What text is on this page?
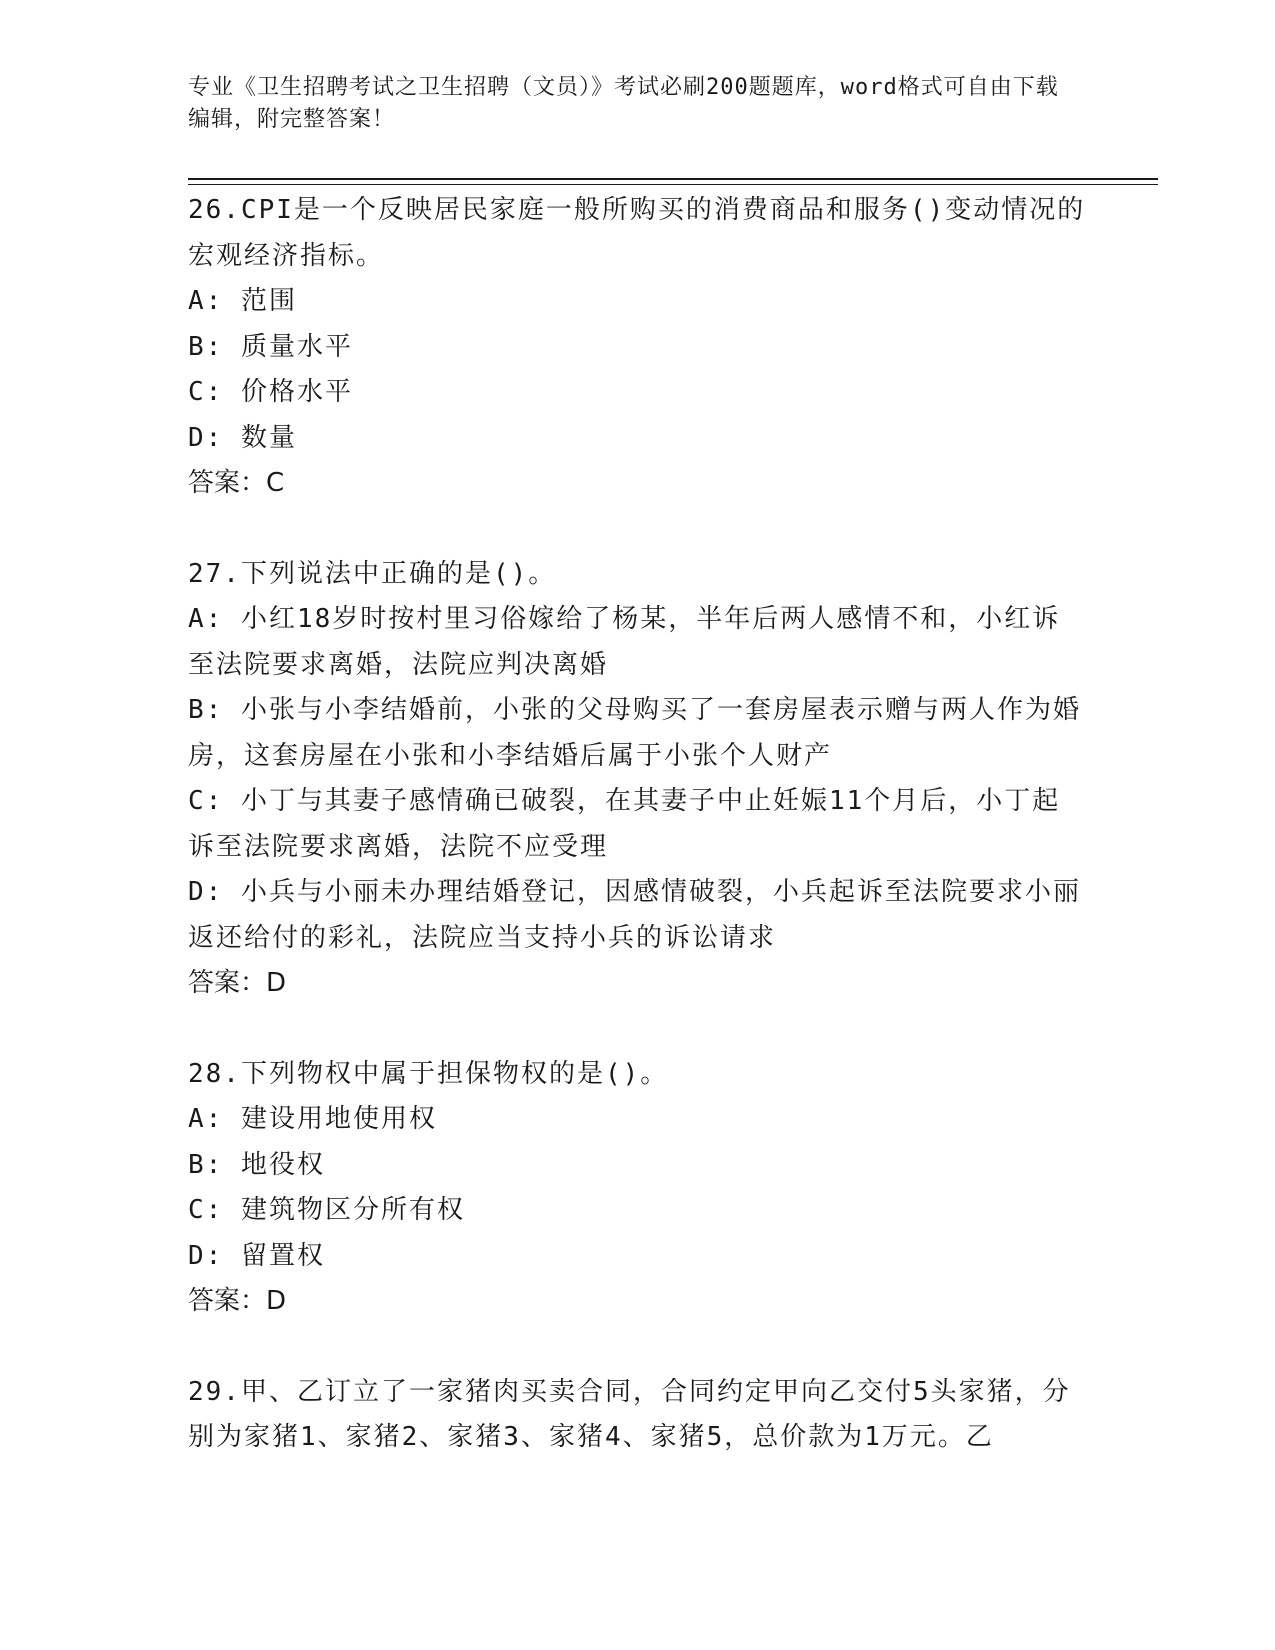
专业《卫生招聘考试之卫生招聘（文员）》考试必刷200题题库，word格式可自由下载编辑，附完整答案！

26.CPI是一个反映居民家庭一般所购买的消费商品和服务()变动情况的宏观经济指标。

A: 范围

B: 质量水平

C: 价格水平

D: 数量

答案：C

27.下列说法中正确的是()。

A: 小红18岁时按村里习俗嫁给了杨某，半年后两人感情不和，小红诉至法院要求离婚，法院应判决离婚

B: 小张与小李结婚前，小张的父母购买了一套房屋表示赠与两人作为婚房，这套房屋在小张和小李结婚后属于小张个人财产

C: 小丁与其妻子感情确已破裂，在其妻子中止妊娠11个月后，小丁起诉至法院要求离婚，法院不应受理

D: 小兵与小丽未办理结婚登记，因感情破裂，小兵起诉至法院要求小丽返还给付的彩礼，法院应当支持小兵的诉讼请求

答案：D

28.下列物权中属于担保物权的是()。

A: 建设用地使用权

B: 地役权

C: 建筑物区分所有权

D: 留置权

答案：D

29.甲、乙订立了一家猪肉买卖合同，合同约定甲向乙交付5头家猪，分别为家猪1、家猪2、家猪3、家猪4、家猪5，总价款为1万元。乙
